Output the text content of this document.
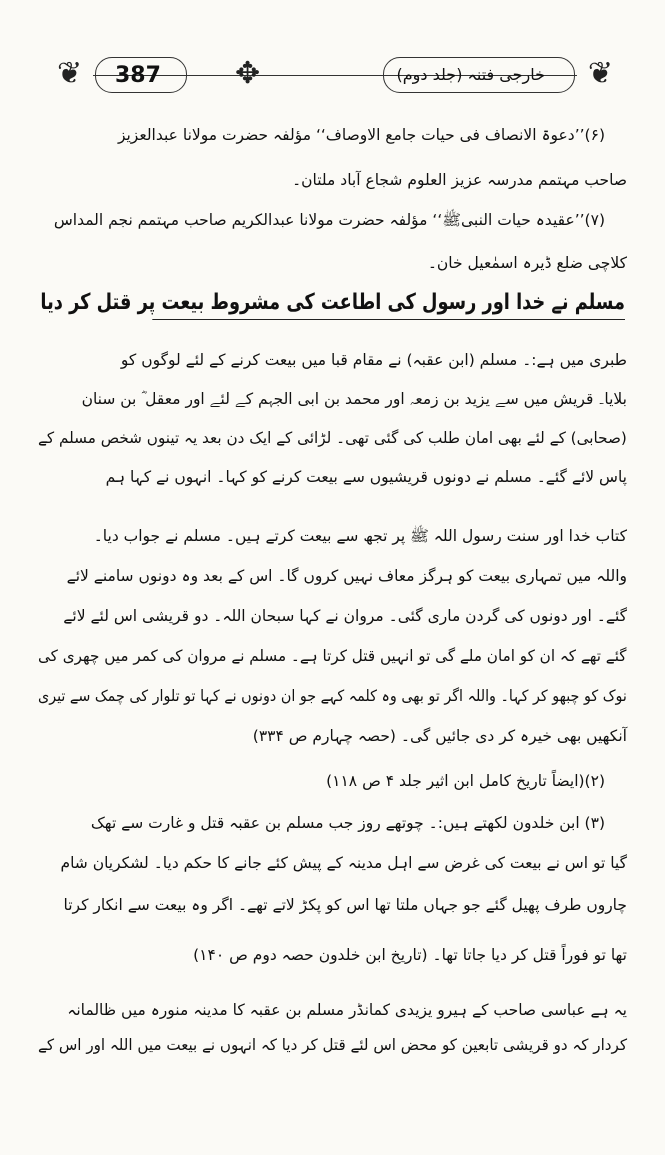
❦	✥	❦
387	خارجی فتنہ (جلد دوم)
(۶)’’دعوۃ الانصاف فی حیات جامع الاوصاف‘‘ مؤلفہ حضرت مولانا عبدالعزیز
صاحب مہتمم مدرسہ عزیز العلوم شجاع آباد ملتان۔
(۷)’’عقیدہ حیات النبیﷺ‘‘ مؤلفہ حضرت مولانا عبدالکریم صاحب مہتمم نجم المداس
کلاچی ضلع ڈیرہ اسمٰعیل خان۔
مسلم نے خدا اور رسول کی اطاعت کی مشروط بیعت پر قتل کر دیا
طبری میں ہے:۔ مسلم (ابن عقبہ) نے مقام قبا میں بیعت کرنے کے لئے لوگوں کو
بلایا۔ قریش میں سے یزید بن زمعہ اور محمد بن ابی الجہم کے لئے اور معقل ؓ بن سنان
(صحابی) کے لئے بھی امان طلب کی گئی تھی۔ لڑائی کے ایک دن بعد یہ تینوں شخص مسلم کے
پاس لائے گئے۔ مسلم نے دونوں قریشیوں سے بیعت کرنے کو کہا۔ انہوں نے کہا ہم
کتاب خدا اور سنت رسول اللہ ﷺ پر تجھ سے بیعت کرتے ہیں۔ مسلم نے جواب دیا۔
واللہ میں تمہاری بیعت کو ہرگز معاف نہیں کروں گا۔ اس کے بعد وہ دونوں سامنے لائے
گئے۔ اور دونوں کی گردن ماری گئی۔ مروان نے کہا سبحان اللہ۔ دو قریشی اس لئے لائے
گئے تھے کہ ان کو امان ملے گی تو انہیں قتل کرتا ہے۔ مسلم نے مروان کی کمر میں چھری کی
نوک کو چبھو کر کہا۔ واللہ اگر تو بھی وہ کلمہ کہے جو ان دونوں نے کہا تو تلوار کی چمک سے تیری
آنکھیں بھی خیرہ کر دی جائیں گی۔ (حصہ چہارم ص ۳۳۴)
(۲)(ایضاً تاریخ کامل ابن اثیر جلد ۴ ص ۱۱۸)
(۳) ابن خلدون لکھتے ہیں:۔ چوتھے روز جب مسلم بن عقبہ قتل و غارت سے تھک
گیا تو اس نے بیعت کی غرض سے اہل مدینہ کے پیش کئے جانے کا حکم دیا۔ لشکریان شام
چاروں طرف پھیل گئے جو جہاں ملتا تھا اس کو پکڑ لاتے تھے۔ اگر وہ بیعت سے انکار کرتا
تھا تو فوراً قتل کر دیا جاتا تھا۔ (تاریخ ابن خلدون حصہ دوم ص ۱۴۰)
یہ ہے عباسی صاحب کے ہیرو یزیدی کمانڈر مسلم بن عقبہ کا مدینہ منورہ میں ظالمانہ
کردار کہ دو قریشی تابعین کو محض اس لئے قتل کر دیا کہ انہوں نے بیعت میں اللہ اور اس کے
